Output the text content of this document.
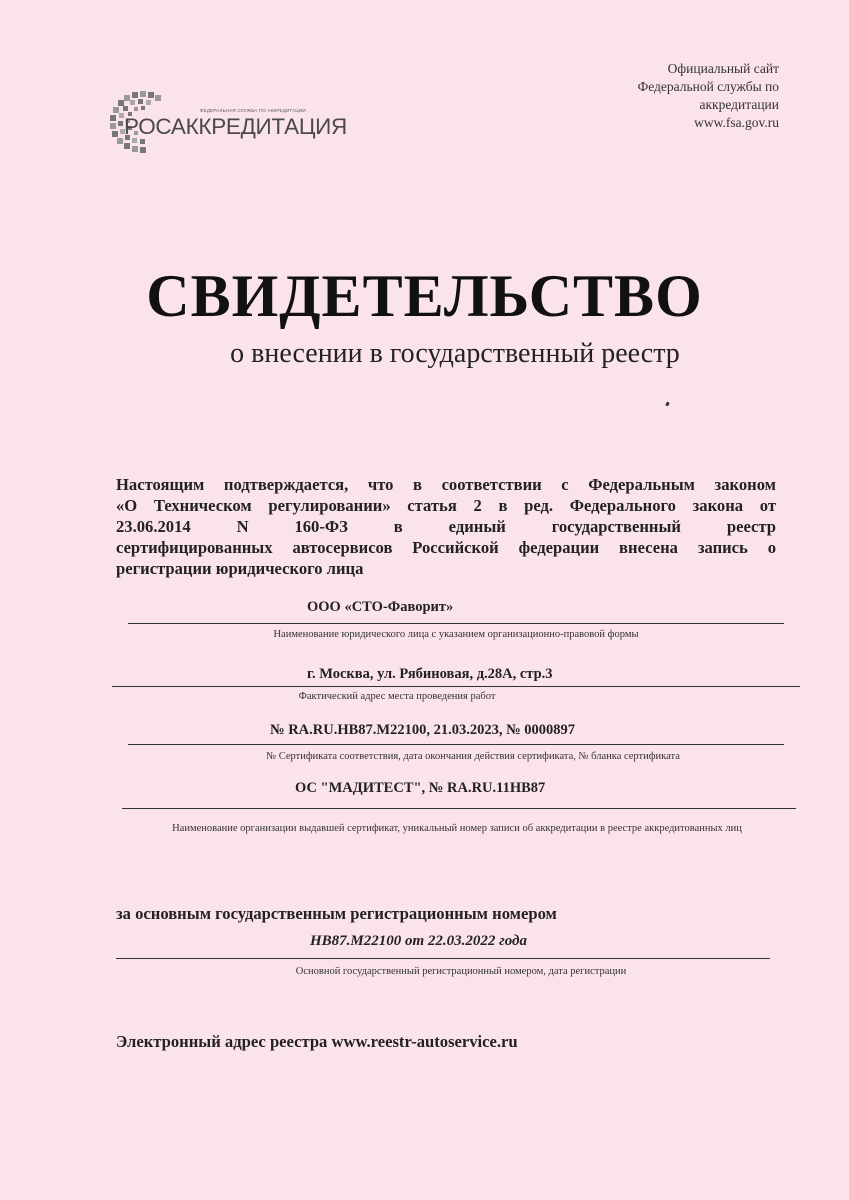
ФЕДЕРАЛЬНАЯ СЛУЖБА ПО АККРЕДИТАЦИИ
РОСАККРЕДИТАЦИЯ
Официальный сайт
Федеральной службы по
аккредитации
www.fsa.gov.ru
СВИДЕТЕЛЬСТВО
о внесении в государственный реестр
Настоящим подтверждается, что в соответствии с Федеральным законом
«О Техническом регулировании» статья 2 в ред. Федерального закона от
23.06.2014 N 160-ФЗ в единый государственный реестр
сертифицированных автосервисов Российской федерации внесена запись о
регистрации юридического лица
ООО «СТО-Фаворит»
Наименование юридического лица с указанием организационно-правовой формы
г. Москва, ул. Рябиновая, д.28А, стр.3
Фактический адрес места проведения работ
№ RA.RU.HB87.M22100, 21.03.2023, № 0000897
№ Сертификата соответствия, дата окончания действия сертификата, № бланка сертификата
ОС "МАДИТЕСТ", № RA.RU.11HB87
Наименование организации выдавшей сертификат, уникальный номер записи об аккредитации в реестре аккредитованных лиц
за основным государственным регистрационным номером
HB87.M22100 от 22.03.2022 года
Основной государственный регистрационный номером, дата регистрации
Электронный адрес реестра www.reestr-autoservice.ru
